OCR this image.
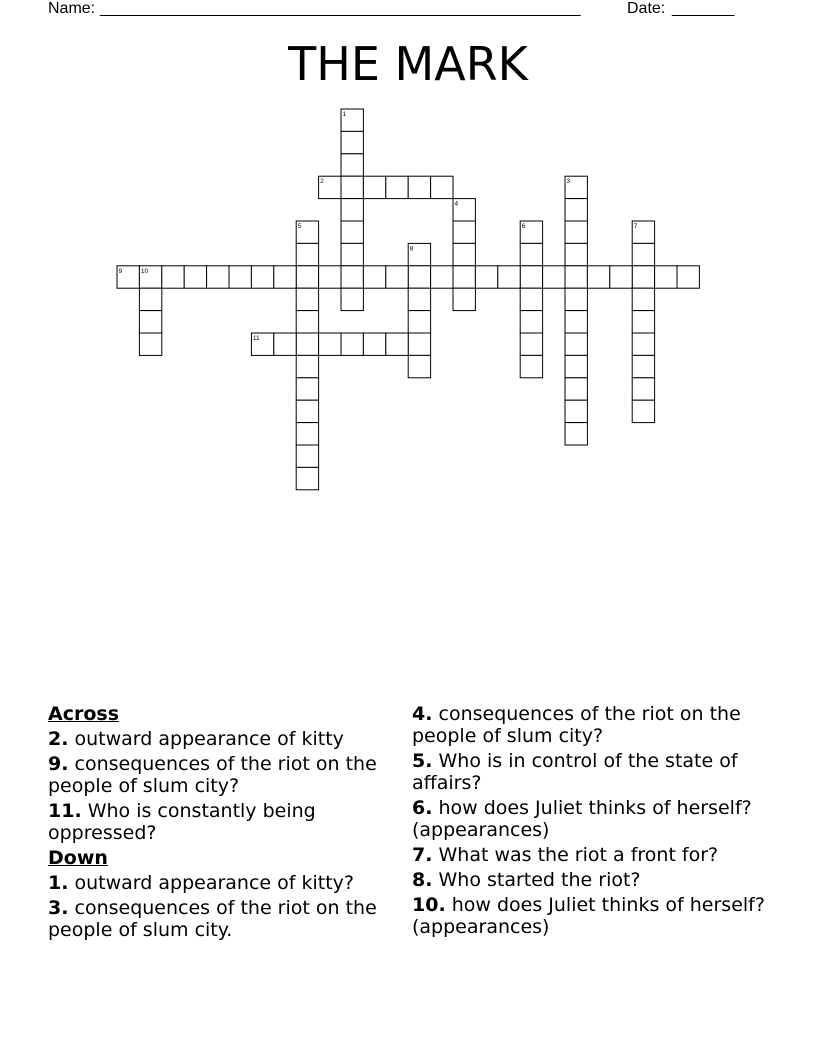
Name: ______________________________________________________	Date: _______
THE MARK
1
2	3
4
5	6	7
8
9	10
11
Across
2. outward appearance of kitty
9. consequences of the riot on the people of slum city?
11. Who is constantly being oppressed?
Down
1. outward appearance of kitty?
3. consequences of the riot on the people of slum city.
4. consequences of the riot on the people of slum city?
5. Who is in control of the state of affairs?
6. how does Juliet thinks of herself? (appearances)
7. What was the riot a front for?
8. Who started the riot?
10. how does Juliet thinks of herself? (appearances)
